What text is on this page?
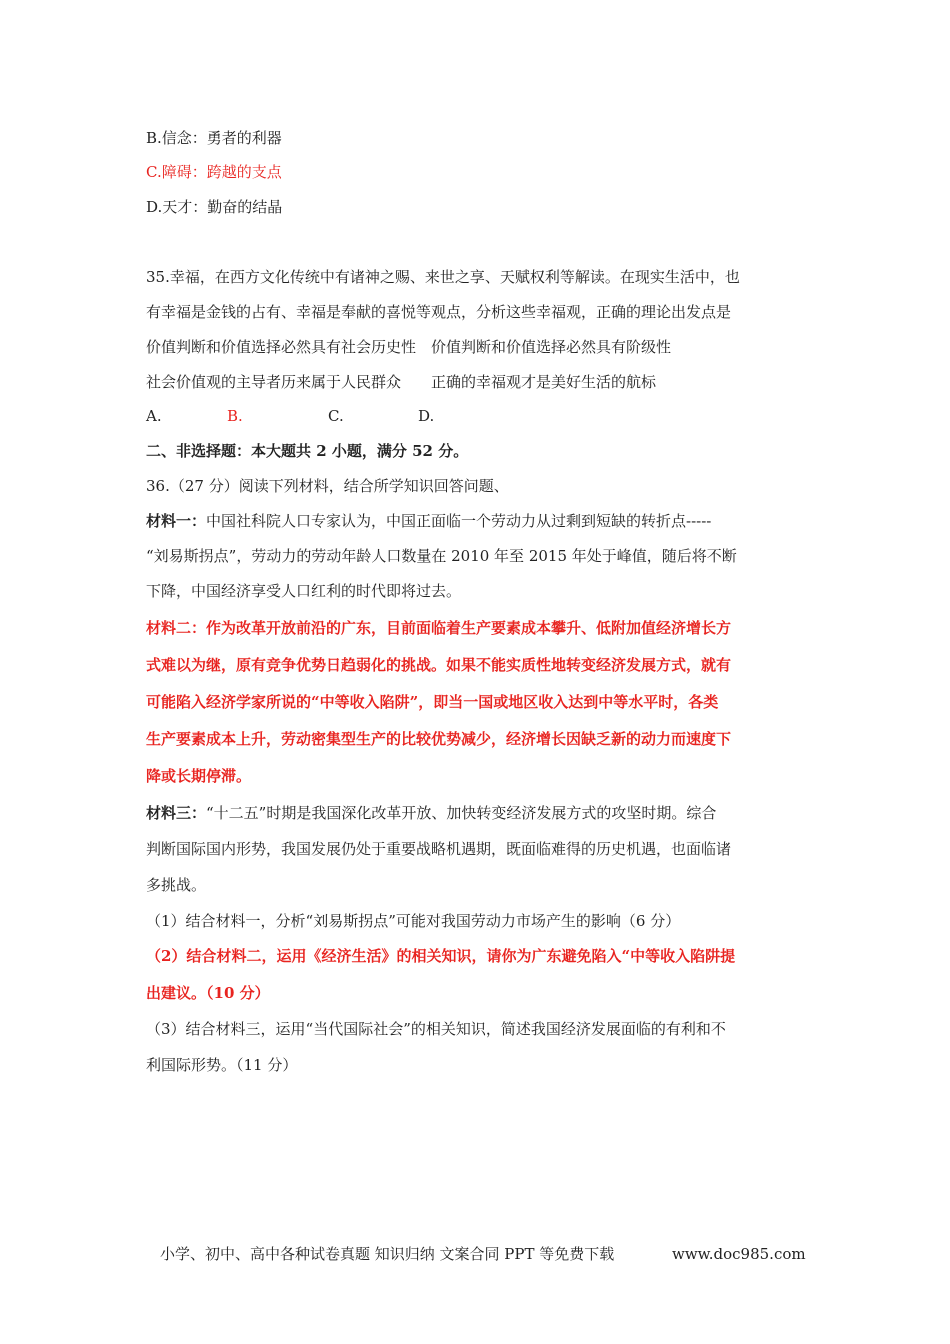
B.信念：勇者的利器
C.障碍：跨越的支点
D.天才：勤奋的结晶
35.幸福，在西方文化传统中有诸神之赐、来世之享、天赋权利等解读。在现实生活中，也
有幸福是金钱的占有、幸福是奉献的喜悦等观点，分析这些幸福观，正确的理论出发点是
价值判断和价值选择必然具有社会历史性　价值判断和价值选择必然具有阶级性
社会价值观的主导者历来属于人民群众　　正确的幸福观才是美好生活的航标
A.	B.	C.	D.
二、非选择题：本大题共 2 小题，满分 52 分。
36.（27 分）阅读下列材料，结合所学知识回答问题、
材料一：中国社科院人口专家认为，中国正面临一个劳动力从过剩到短缺的转折点-----
“刘易斯拐点”，劳动力的劳动年龄人口数量在 2010 年至 2015 年处于峰值，随后将不断
下降，中国经济享受人口红利的时代即将过去。
材料二：作为改革开放前沿的广东，目前面临着生产要素成本攀升、低附加值经济增长方
式难以为继，原有竞争优势日趋弱化的挑战。如果不能实质性地转变经济发展方式，就有
可能陷入经济学家所说的“中等收入陷阱”，即当一国或地区收入达到中等水平时，各类
生产要素成本上升，劳动密集型生产的比较优势减少，经济增长因缺乏新的动力而速度下
降或长期停滞。
材料三：“十二五”时期是我国深化改革开放、加快转变经济发展方式的攻坚时期。综合
判断国际国内形势，我国发展仍处于重要战略机遇期，既面临难得的历史机遇，也面临诸
多挑战。
（1）结合材料一，分析“刘易斯拐点”可能对我国劳动力市场产生的影响（6 分）
（2）结合材料二，运用《经济生活》的相关知识，请你为广东避免陷入“中等收入陷阱提
出建议。（10 分）
（3）结合材料三，运用“当代国际社会”的相关知识，简述我国经济发展面临的有利和不
利国际形势。（11 分）
小学、初中、高中各种试卷真题 知识归纳 文案合同 PPT 等免费下载	www.doc985.com
